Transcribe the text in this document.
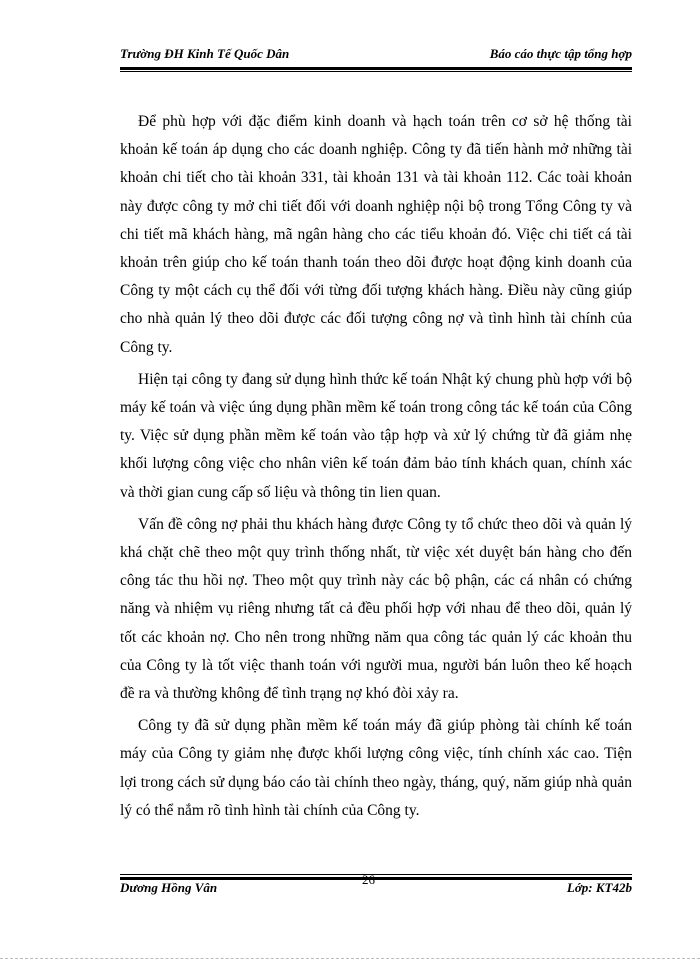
Trường ĐH Kinh Tế Quốc Dân	Báo cáo thực tập tổng hợp

Để phù hợp với đặc điểm kinh doanh và hạch toán trên cơ sở hệ thống tài khoản kế toán áp dụng cho các doanh nghiệp. Công ty đã tiến hành mở những tài khoản chi tiết cho tài khoản 331, tài khoản 131 và tài khoản 112. Các toài khoản này được công ty mở chi tiết đối với doanh nghiệp nội bộ trong Tổng Công ty và chi tiết mã khách hàng, mã ngân hàng cho các tiểu khoản đó. Việc chi tiết cá tài khoản trên giúp cho kế toán thanh toán theo dõi được hoạt động kinh doanh của Công ty một cách cụ thể đối với từng đối tượng khách hàng. Điều này cũng giúp cho nhà quản lý theo dõi được các đối tượng công nợ và tình hình tài chính của Công ty.

Hiện tại công ty đang sử dụng hình thức kế toán Nhật ký chung phù hợp với bộ máy kế toán và việc úng dụng phần mềm kế toán trong công tác kế toán của Công ty. Việc sử dụng phần mềm kế toán vào tập hợp và xử lý chứng từ đã giảm nhẹ khối lượng công việc cho nhân viên kế toán đảm bảo tính khách quan, chính xác và thời gian cung cấp số liệu và thông tin lien quan.

Vấn đề công nợ phải thu khách hàng được Công ty tổ chức theo dõi và quản lý khá chặt chẽ theo một quy trình thống nhất, từ việc xét duyệt bán hàng cho đến công tác thu hồi nợ. Theo một quy trình này các bộ phận, các cá nhân có chứng năng và nhiệm vụ riêng nhưng tất cả đều phối hợp với nhau để theo dõi, quản lý tốt các khoản nợ. Cho nên trong những năm qua công tác quản lý các khoản thu của Công ty là tốt việc thanh toán với người mua, người bán luôn theo kế hoạch đề ra và thường không để tình trạng nợ khó đòi xảy ra.

Công ty đã sử dụng phần mềm kế toán máy đã giúp phòng tài chính kế toán máy của Công ty giảm nhẹ được khối lượng công việc, tính chính xác cao. Tiện lợi trong cách sử dụng báo cáo tài chính theo ngày, tháng, quý, năm giúp nhà quản lý có thể nắm rõ tình hình tài chính của Công ty.

26
Dương Hồng Vân	Lớp: KT42b
